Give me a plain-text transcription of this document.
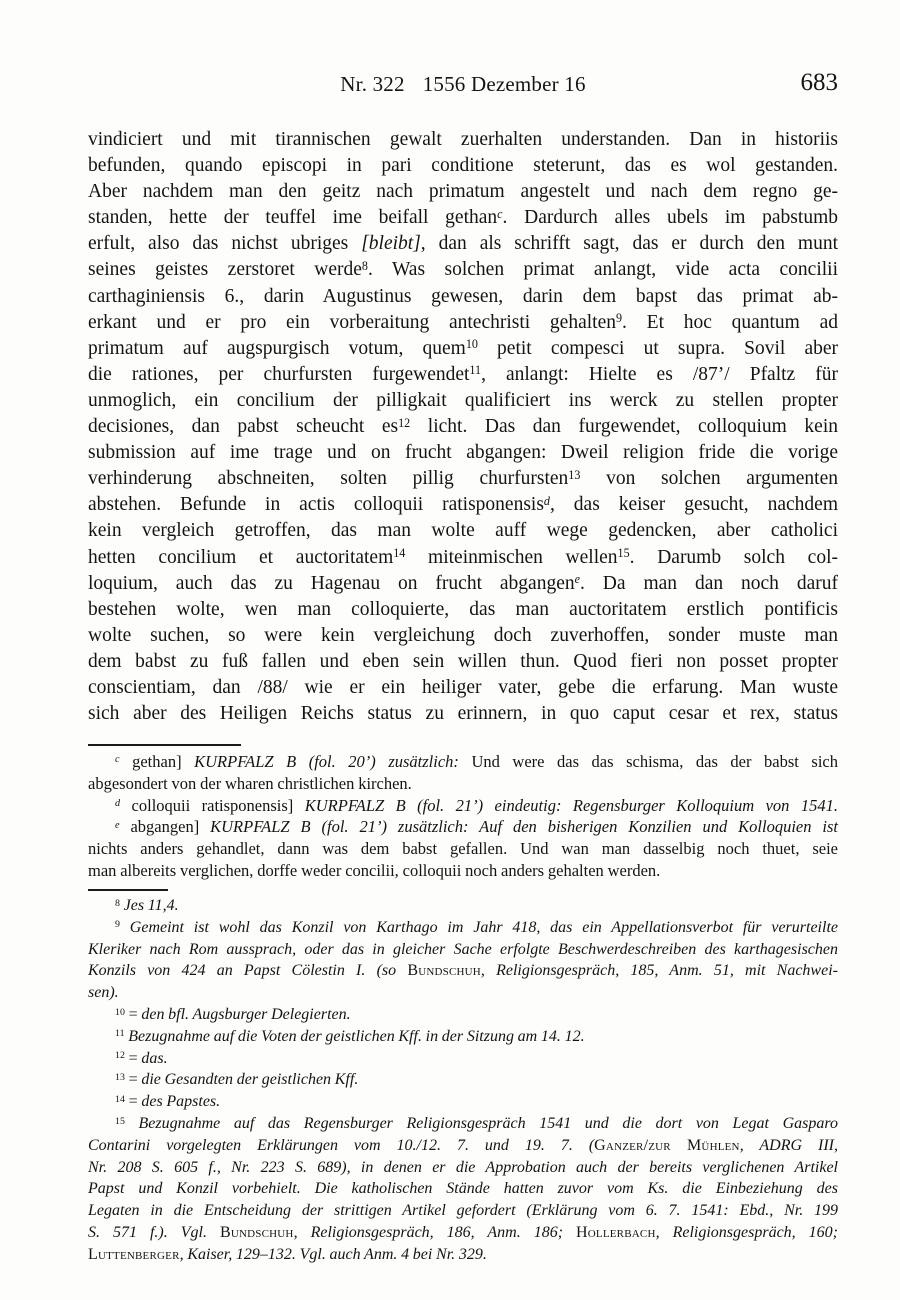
Nr. 322 1556 Dezember 16	683
vindiciert und mit tirannischen gewalt zuerhalten understanden. Dan in historiis
befunden, quando episcopi in pari conditione steterunt, das es wol gestanden.
Aber nachdem man den geitz nach primatum angestelt und nach dem regno ge-
standen, hette der teuffel ime beifall gethan$^c$. Dardurch alles ubels im pabstumb
erfult, also das nichst ubriges [bleibt], dan als schrifft sagt, das er durch den munt
seines geistes zerstoret werde$^8$. Was solchen primat anlangt, vide acta concilii
carthaginiensis 6., darin Augustinus gewesen, darin dem bapst das primat ab-
erkant und er pro ein vorberaitung antechristi gehalten$^9$. Et hoc quantum ad
primatum auf augspurgisch votum, quem$^{10}$ petit compesci ut supra. Sovil aber
die rationes, per churfursten furgewendet$^{11}$, anlangt: Hielte es /87’/ Pfaltz für
unmoglich, ein concilium der pilligkait qualificiert ins werck zu stellen propter
decisiones, dan pabst scheucht $es^{12}$ licht. Das dan furgewendet, colloquium kein
submission auf ime trage und on frucht abgangen: Dweil religion fride die vorige
verhinderung abschneiten, solten pillig churfursten$^{13}$ von solchen argumenten
abstehen. Befunde in actis colloquii ratisponensis$^d$, das keiser gesucht, nachdem
kein vergleich getroffen, das man wolte auff wege gedencken, aber catholici
hetten concilium et auctoritatem$^{14}$ miteinmischen wellen$^{15}$. Darumb solch col-
loquium, auch das zu Hagenau on frucht abgangen$^e$. Da man dan noch daruf
bestehen wolte, wen man colloquierte, das man auctoritatem erstlich pontificis
wolte suchen, so were kein vergleichung doch zuverhoffen, sonder muste man
dem babst zu fuß fallen und eben sein willen thun. Quod fieri non posset propter
conscientiam, dan /88/ wie er ein heiliger vater, gebe die erfarung. Man wuste
sich aber des Heiligen Reichs status zu erinnern, in quo caput cesar et rex, status
$^c$ gethan] KURPFALZ B (fol. 20’) zusätzlich: Und were das das schisma, das der babst sich
abgesondert von der wharen christlichen kirchen.
$^d$ colloquii ratisponensis] KURPFALZ B (fol. 21’) eindeutig: Regensburger Kolloquium von 1541.
$^e$ abgangen] KURPFALZ B (fol. 21’) zusätzlich: Auf den bisherigen Konzilien und Kolloquien ist
nichts anders gehandlet, dann was dem babst gefallen. Und wan man dasselbig noch thuet, seie
man albereits verglichen, dorffe weder concilii, colloquii noch anders gehalten werden.
$^8$ Jes 11,4.
$^9$ Gemeint ist wohl das Konzil von Karthago im Jahr 418, das ein Appellationsverbot für verurteilte
Kleriker nach Rom aussprach, oder das in gleicher Sache erfolgte Beschwerdeschreiben des karthagesischen
Konzils von 424 an Papst Cölestin I. (so Bundschuh, Religionsgespräch, 185, Anm. 51, mit Nachwei-
sen).
$^{10}$ = den bfl. Augsburger Delegierten.
$^{11}$ Bezugnahme auf die Voten der geistlichen Kff. in der Sitzung am 14. 12.
$^{12}$ = das.
$^{13}$ = die Gesandten der geistlichen Kff.
$^{14}$ = des Papstes.
$^{15}$ Bezugnahme auf das Regensburger Religionsgespräch 1541 und die dort von Legat Gasparo
Contarini vorgelegten Erklärungen vom 10./12. 7. und 19. 7. (Ganzer/zur Mühlen, ADRG III,
Nr. 208 S. 605 f., Nr. 223 S. 689), in denen er die Approbation auch der bereits verglichenen Artikel
Papst und Konzil vorbehielt. Die katholischen Stände hatten zuvor vom Ks. die Einbeziehung des
Legaten in die Entscheidung der strittigen Artikel gefordert (Erklärung vom 6. 7. 1541: Ebd., Nr. 199
S. 571 f.). Vgl. Bundschuh, Religionsgespräch, 186, Anm. 186; Hollerbach, Religionsgespräch, 160;
Luttenberger, Kaiser, 129–132. Vgl. auch Anm. 4 bei Nr. 329.
